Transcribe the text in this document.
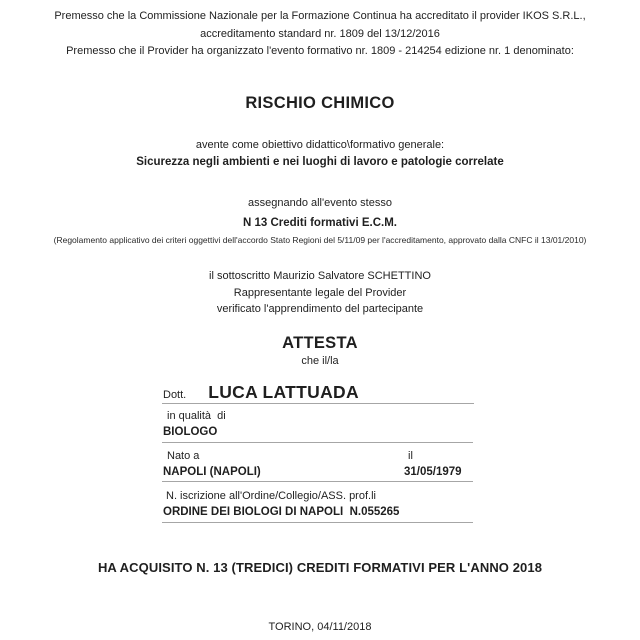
Premesso che la Commissione Nazionale per la Formazione Continua ha accreditato il provider IKOS S.R.L.,
accreditamento standard nr. 1809 del 13/12/2016
Premesso che il Provider ha organizzato l'evento formativo nr. 1809 - 214254 edizione nr. 1 denominato:
RISCHIO CHIMICO
avente come obiettivo didattico\formativo generale:
Sicurezza negli ambienti e nei luoghi di lavoro e patologie correlate
assegnando all'evento stesso
N 13 Crediti formativi E.C.M.
(Regolamento applicativo dei criteri oggettivi dell'accordo Stato Regioni del 5/11/09 per l'accreditamento, approvato dalla CNFC il 13/01/2010)
il sottoscritto Maurizio Salvatore SCHETTINO
Rappresentante legale del Provider
verificato l'apprendimento del partecipante
ATTESTA
che il/la
Dott. LUCA LATTUADA
in qualità  di
BIOLOGO
Nato a
NAPOLI (NAPOLI)
il
31/05/1979
N. iscrizione all'Ordine/Collegio/ASS. prof.li
ORDINE DEI BIOLOGI DI NAPOLI  N.055265
HA ACQUISITO N. 13 (TREDICI) CREDITI FORMATIVI PER L'ANNO 2018
TORINO, 04/11/2018
